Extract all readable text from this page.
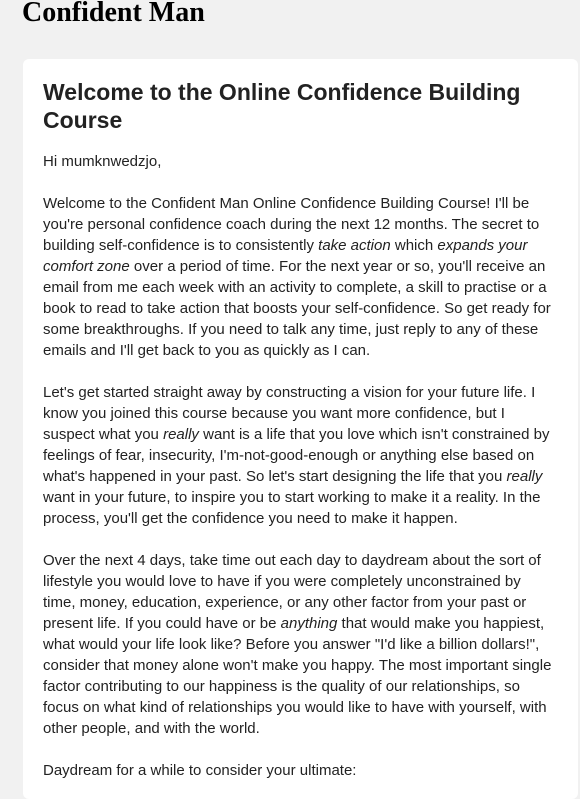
Confident Man
Welcome to the Online Confidence Building Course

Hi mumknwedzjo,

Welcome to the Confident Man Online Confidence Building Course! I'll be you're personal confidence coach during the next 12 months. The secret to building self-confidence is to consistently take action which expands your comfort zone over a period of time. For the next year or so, you'll receive an email from me each week with an activity to complete, a skill to practise or a book to read to take action that boosts your self-confidence. So get ready for some breakthroughs. If you need to talk any time, just reply to any of these emails and I'll get back to you as quickly as I can.

Let's get started straight away by constructing a vision for your future life. I know you joined this course because you want more confidence, but I suspect what you really want is a life that you love which isn't constrained by feelings of fear, insecurity, I'm-not-good-enough or anything else based on what's happened in your past. So let's start designing the life that you really want in your future, to inspire you to start working to make it a reality. In the process, you'll get the confidence you need to make it happen.

Over the next 4 days, take time out each day to daydream about the sort of lifestyle you would love to have if you were completely unconstrained by time, money, education, experience, or any other factor from your past or present life. If you could have or be anything that would make you happiest, what would your life look like? Before you answer "I'd like a billion dollars!", consider that money alone won't make you happy. The most important single factor contributing to our happiness is the quality of our relationships, so focus on what kind of relationships you would like to have with yourself, with other people, and with the world.

Daydream for a while to consider your ultimate:
